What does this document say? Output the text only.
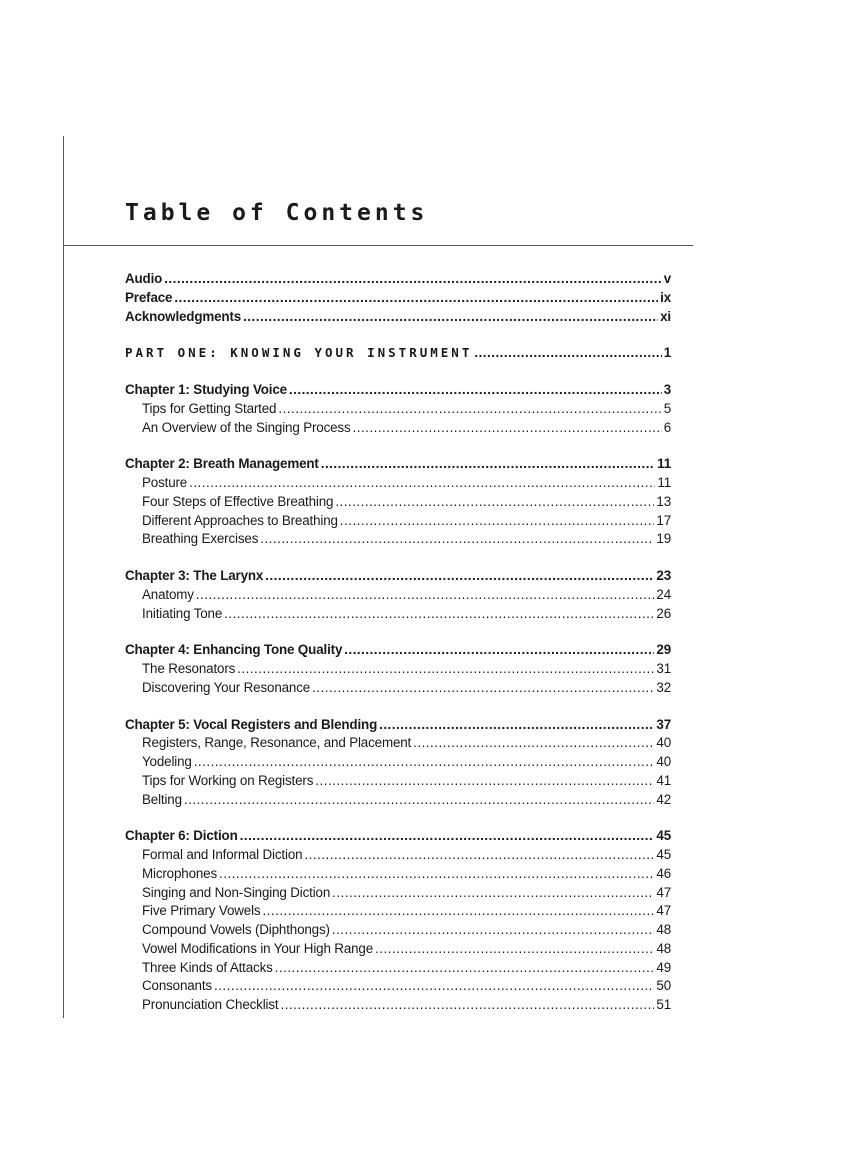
Table of Contents
Audio .....	v
Preface .....	ix
Acknowledgments .....	xi
PART ONE: KNOWING YOUR INSTRUMENT .....	1
Chapter 1: Studying Voice .....	3
Tips for Getting Started .....	5
An Overview of the Singing Process .....	6
Chapter 2: Breath Management .....	11
Posture .....	11
Four Steps of Effective Breathing .....	13
Different Approaches to Breathing .....	17
Breathing Exercises .....	19
Chapter 3: The Larynx .....	23
Anatomy .....	24
Initiating Tone .....	26
Chapter 4: Enhancing Tone Quality .....	29
The Resonators .....	31
Discovering Your Resonance .....	32
Chapter 5: Vocal Registers and Blending .....	37
Registers, Range, Resonance, and Placement .....	40
Yodeling .....	40
Tips for Working on Registers .....	41
Belting .....	42
Chapter 6: Diction .....	45
Formal and Informal Diction .....	45
Microphones .....	46
Singing and Non-Singing Diction .....	47
Five Primary Vowels .....	47
Compound Vowels (Diphthongs) .....	48
Vowel Modifications in Your High Range .....	48
Three Kinds of Attacks .....	49
Consonants .....	50
Pronunciation Checklist .....	51
